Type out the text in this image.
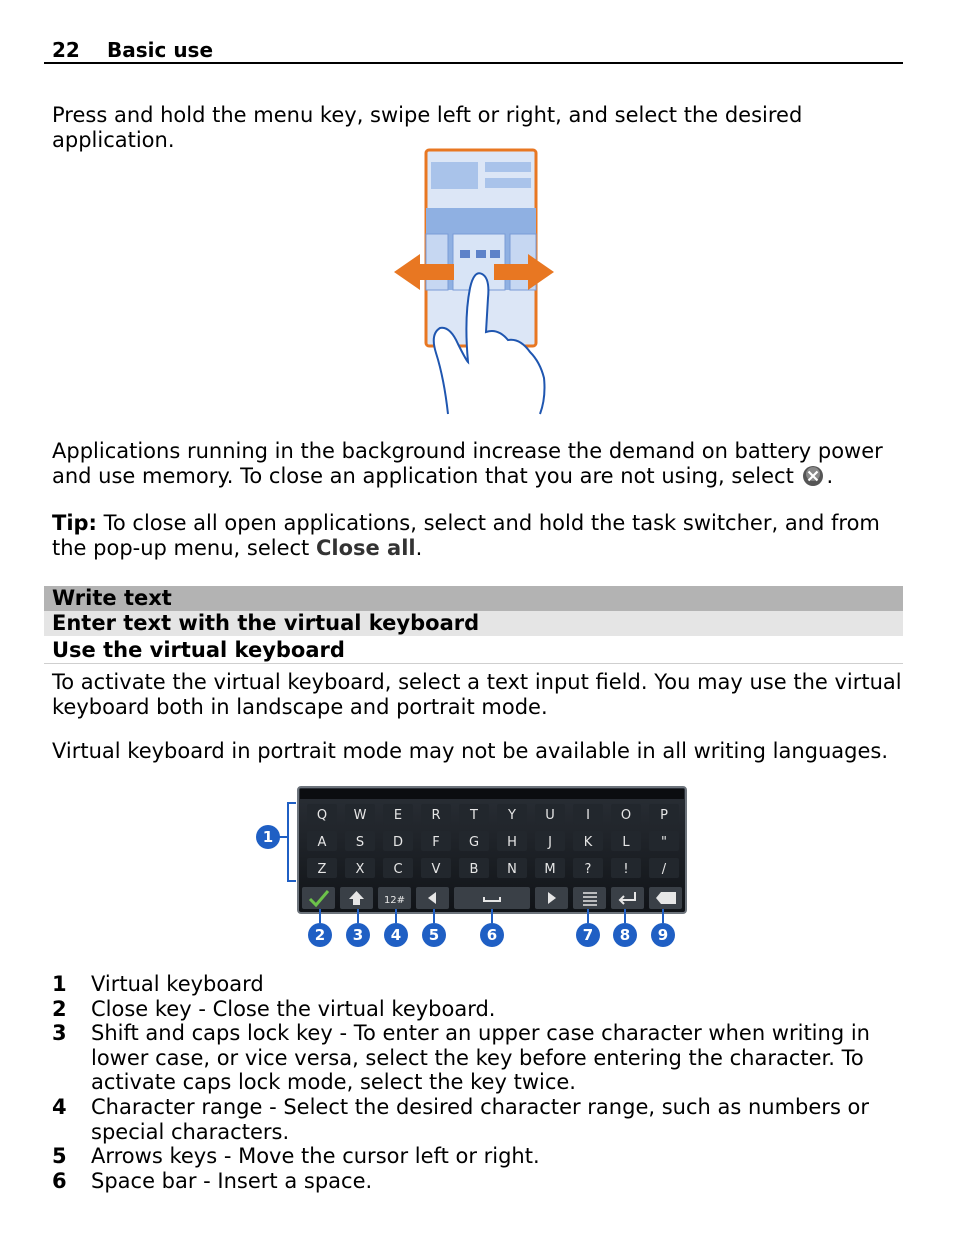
22 Basic use
Press and hold the menu key, swipe left or right, and select the desired application.
Applications running in the background increase the demand on battery power and use memory. To close an application that you are not using, select .
Tip: To close all open applications, select and hold the task switcher, and from the pop-up menu, select Close all.
Write text
Enter text with the virtual keyboard
Use the virtual keyboard
To activate the virtual keyboard, select a text input field. You may use the virtual keyboard both in landscape and portrait mode.
Virtual keyboard in portrait mode may not be available in all writing languages.
Q W E R T Y U I O P
A S D F G H J K L "
Z X C V B N M ? !	/
12#
1
2 3 4 5	6	7 8 9
1	Virtual keyboard
2	Close key - Close the virtual keyboard.
3	Shift and caps lock key - To enter an upper case character when writing in lower case, or vice versa, select the key before entering the character. To activate caps lock mode, select the key twice.
4	Character range - Select the desired character range, such as numbers or special characters.
5	Arrows keys - Move the cursor left or right.
6	Space bar - Insert a space.
